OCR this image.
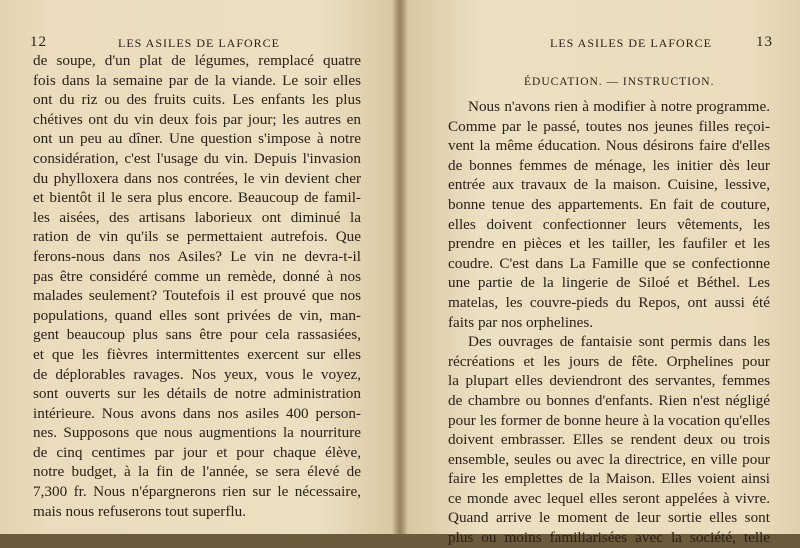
12	LES ASILES DE LAFORCE
de soupe, d'un plat de légumes, remplacé quatre
fois dans la semaine par de la viande. Le soir elles
ont du riz ou des fruits cuits. Les enfants les plus
chétives ont du vin deux fois par jour; les autres en
ont un peu au dîner. Une question s'impose à notre
considération, c'est l'usage du vin. Depuis l'invasion
du phylloxera dans nos contrées, le vin devient cher
et bientôt il le sera plus encore. Beaucoup de famil-
les aisées, des artisans laborieux ont diminué la
ration de vin qu'ils se permettaient autrefois. Que
ferons-nous dans nos Asiles? Le vin ne devra-t-il
pas être considéré comme un remède, donné à nos
malades seulement? Toutefois il est prouvé que nos
populations, quand elles sont privées de vin, man-
gent beaucoup plus sans être pour cela rassasiées,
et que les fièvres intermittentes exercent sur elles
de déplorables ravages. Nos yeux, vous le voyez,
sont ouverts sur les détails de notre administration
intérieure. Nous avons dans nos asiles 400 person-
nes. Supposons que nous augmentions la nourriture
de cinq centimes par jour et pour chaque élève,
notre budget, à la fin de l'année, se sera élevé de
7,300 fr. Nous n'épargnerons rien sur le nécessaire,
mais nous refuserons tout superflu.
LES ASILES DE LAFORCE	13
ÉDUCATION. — INSTRUCTION.
Nous n'avons rien à modifier à notre programme.
Comme par le passé, toutes nos jeunes filles reçoi-
vent la même éducation. Nous désirons faire d'elles
de bonnes femmes de ménage, les initier dès leur
entrée aux travaux de la maison. Cuisine, lessive,
bonne tenue des appartements. En fait de couture,
elles doivent confectionner leurs vêtements, les
prendre en pièces et les tailler, les faufiler et les
coudre. C'est dans La Famille que se confectionne
une partie de la lingerie de Siloé et Béthel. Les
matelas, les couvre-pieds du Repos, ont aussi été
faits par nos orphelines.
Des ouvrages de fantaisie sont permis dans les
récréations et les jours de fête. Orphelines pour
la plupart elles deviendront des servantes, femmes
de chambre ou bonnes d'enfants. Rien n'est négligé
pour les former de bonne heure à la vocation qu'elles
doivent embrasser. Elles se rendent deux ou trois
ensemble, seules ou avec la directrice, en ville pour
faire les emplettes de la Maison. Elles voient ainsi
ce monde avec lequel elles seront appelées à vivre.
Quand arrive le moment de leur sortie elles sont
plus ou moins familiarisées avec la société, telle
